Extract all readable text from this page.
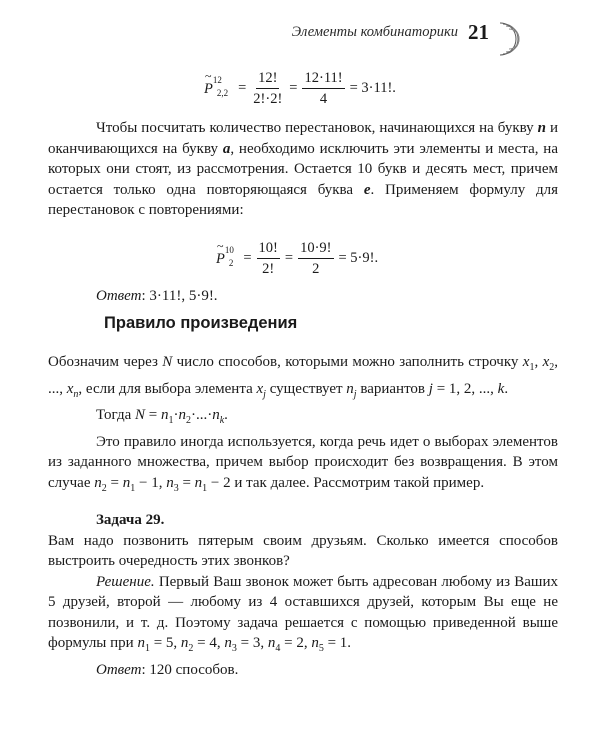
Элементы комбинаторики 21
~
$P^{12}_{2,2} = \frac{12!}{2!\cdot 2!} = \frac{12\cdot 11!}{4} = 3\cdot 11$!.

Чтобы посчитать количество перестановок, начинающихся на букву п и оканчивающихся на букву а, необходимо исключить эти элементы и места, на которых они стоят, из рассмотрения. Остается 10 букв и десять мест, причем остается только одна повторяющаяся буква е. Применяем формулу для перестановок с повторениями:

~
$P^{10}_2 = \frac{10!}{2!} = \frac{10\cdot 9!}{2} = 5\cdot 9$!.

Ответ: 3·11!, 5·9!.

Правило произведения

Обозначим через N число способов, которыми можно заполнить строчку $x_1$, $x_2$, ..., $x_n$, если для выбора элемента $x_j$ существует $n_j$ вариантов j = 1, 2, ..., k.

Тогда $N = n_1\cdot n_2\cdot...\cdot n_k$.

Это правило иногда используется, когда речь идет о выборах элементов из заданного множества, причем выбор происходит без возвращения. В этом случае $n_2 = n_1 - 1$, $n_3 = n_1 - 2$ и так далее. Рассмотрим такой пример.

Задача 29.

Вам надо позвонить пятерым своим друзьям. Сколько имеется способов выстроить очередность этих звонков?

Решение. Первый Ваш звонок может быть адресован любому из Ваших 5 друзей, второй — любому из 4 оставшихся друзей, которым Вы еще не позвонили, и т. д. Поэтому задача решается с помощью приведенной выше формулы при $n_1 = 5$, $n_2 = 4$, $n_3 = 3$, $n_4 = 2$, $n_5 = 1$.

Ответ: 120 способов.
